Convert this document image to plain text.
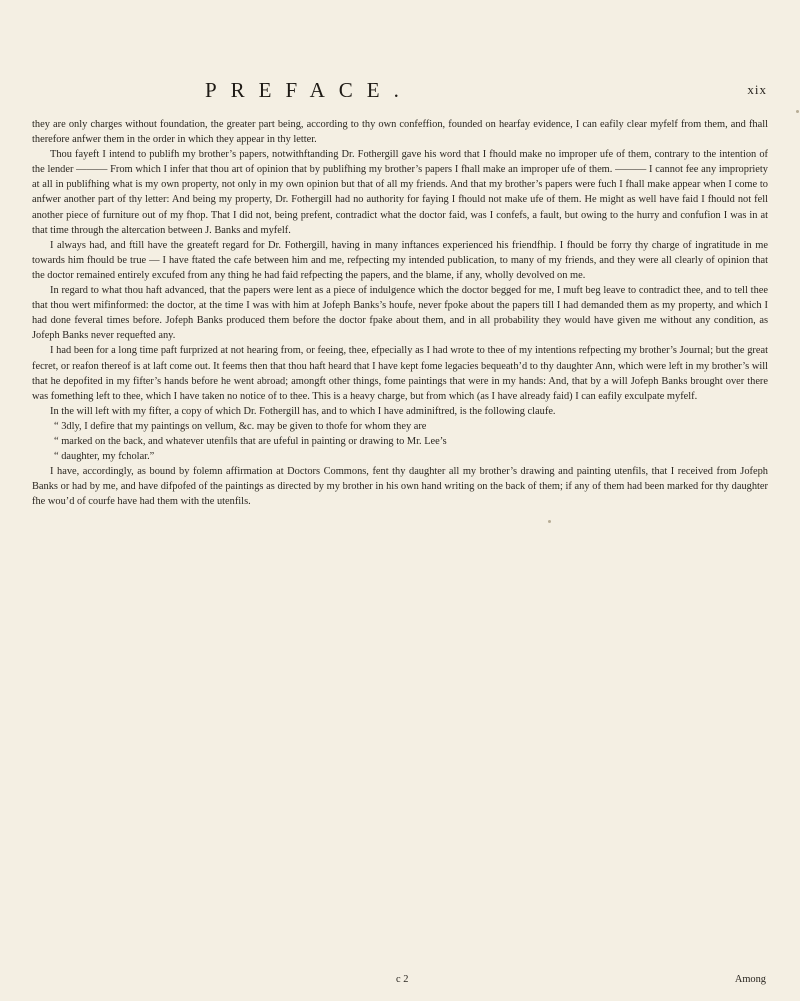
PREFACE.	xix

they are only charges without foundation, the greater part being, according to thy own confeffion, founded on hearfay evidence, I can eafily clear myfelf from them, and fhall therefore anfwer them in the order in which they appear in thy letter.

Thou fayeft I intend to publifh my brother’s papers, notwithftanding Dr. Fothergill gave his word that I fhould make no improper ufe of them, contrary to the intention of the lender ——— From which I infer that thou art of opinion that by publifhing my brother’s papers I fhall make an improper ufe of them. ——— I cannot fee any impropriety at all in publifhing what is my own property, not only in my own opinion but that of all my friends. And that my brother’s papers were fuch I fhall make appear when I come to anfwer another part of thy letter: And being my property, Dr. Fothergill had no authority for faying I fhould not make ufe of them. He might as well have faid I fhould not fell another piece of furniture out of my fhop. That I did not, being prefent, contradict what the doctor faid, was I confefs, a fault, but owing to the hurry and confufion I was in at that time through the altercation between J. Banks and myfelf.

I always had, and ftill have the greateft regard for Dr. Fothergill, having in many inftances experienced his friendfhip. I fhould be forry thy charge of ingratitude in me towards him fhould be true — I have ftated the cafe between him and me, refpecting my intended publication, to many of my friends, and they were all clearly of opinion that the doctor remained entirely excufed from any thing he had faid refpecting the papers, and the blame, if any, wholly devolved on me.

In regard to what thou haft advanced, that the papers were lent as a piece of indulgence which the doctor begged for me, I muft beg leave to contradict thee, and to tell thee that thou wert mifinformed: the doctor, at the time I was with him at Jofeph Banks’s houfe, never fpoke about the papers till I had demanded them as my property, and which I had done feveral times before. Jofeph Banks produced them before the doctor fpake about them, and in all probability they would have given me without any condition, as Jofeph Banks never requefted any.

I had been for a long time paft furprized at not hearing from, or feeing, thee, efpecially as I had wrote to thee of my intentions refpecting my brother’s Journal; but the great fecret, or reafon thereof is at laft come out. It feems then that thou haft heard that I have kept fome legacies bequeath’d to thy daughter Ann, which were left in my brother’s will that he depofited in my fifter’s hands before he went abroad; amongft other things, fome paintings that were in my hands: And, that by a will Jofeph Banks brought over there was fomething left to thee, which I have taken no notice of to thee. This is a heavy charge, but from which (as I have already faid) I can eafily exculpate myfelf.

In the will left with my fifter, a copy of which Dr. Fothergill has, and to which I have adminiftred, is the following claufe.

“ 3dly, I defire that my paintings on vellum, &c. may be given to thofe for whom they are

“ marked on the back, and whatever utenfils that are ufeful in painting or drawing to Mr. Lee’s

“ daughter, my fcholar.”

I have, accordingly, as bound by folemn affirmation at Doctors Commons, fent thy daughter all my brother’s drawing and painting utenfils, that I received from Jofeph Banks or had by me, and have difpofed of the paintings as directed by my brother in his own hand writing on the back of them; if any of them had been marked for thy daughter fhe wou’d of courfe have had them with the utenfils.

c 2	Among
